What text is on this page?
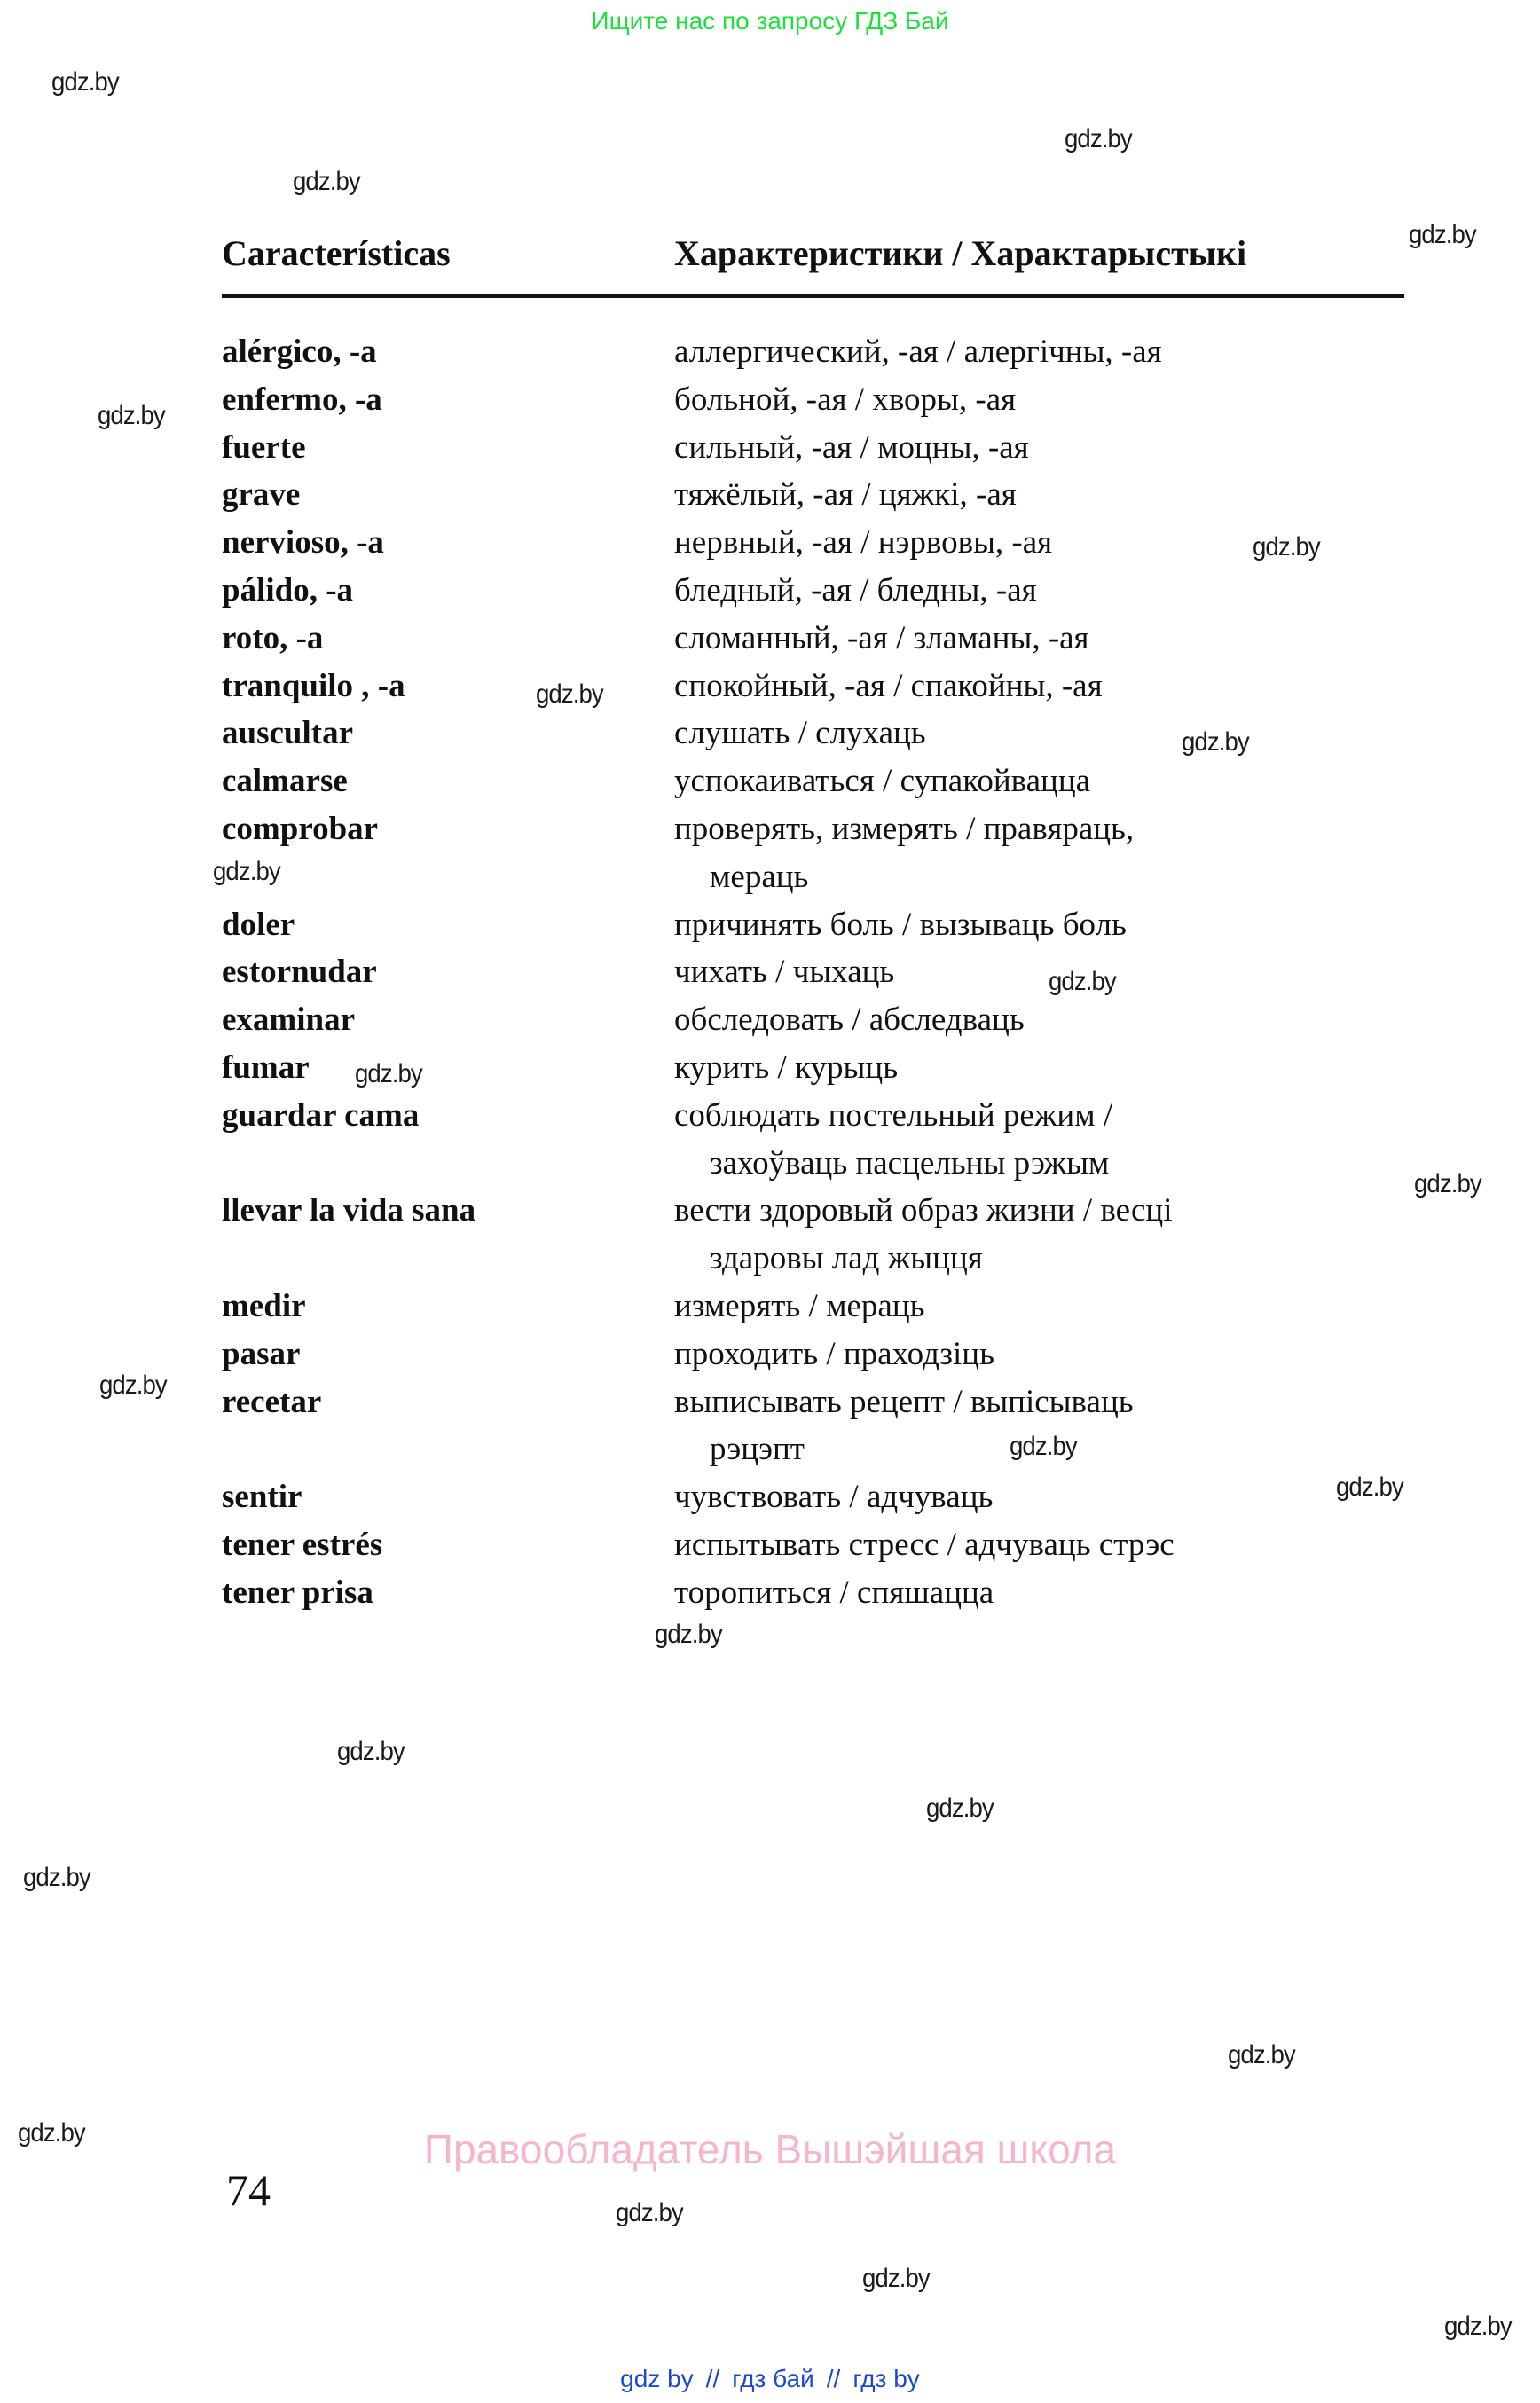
Ищите нас по запросу ГДЗ Бай
Características	Характеристики / Характарыстыкі
alérgico, -a	аллергический, -ая / алергічны, -ая
enfermo, -a	больной, -ая / хворы, -ая
fuerte	сильный, -ая / моцны, -ая
grave	тяжёлый, -ая / цяжкі, -ая
nervioso, -a	нервный, -ая / нэрвовы, -ая
pálido, -a	бледный, -ая / бледны, -ая
roto, -a	сломанный, -ая / зламаны, -ая
tranquilo , -a	спокойный, -ая / спакойны, -ая
auscultar	слушать / слухаць
calmarse	успокаиваться / супакойвацца
comprobar	проверять, измерять / правяраць,
мераць
doler	причинять боль / вызываць боль
estornudar	чихать / чыхаць
examinar	обследовать / абследваць
fumar	курить / курыць
guardar cama	соблюдать постельный режим /
захоўваць пасцельны рэжым
llevar la vida sana	вести здоровый образ жизни / весці
здаровы лад жыцця
medir	измерять / мераць
pasar	проходить / праходзіць
recetar	выписывать рецепт / выпісываць
рэцэпт
sentir	чувствовать / адчуваць
tener estrés	испытывать стресс / адчуваць стрэс
tener prisa	торопиться / спяшацца
74
Правообладатель Вышэйшая школа
gdz by // гдз бай // гдз by
gdz.by
gdz.by
gdz.by
gdz.by
gdz.by
gdz.by
gdz.by
gdz.by
gdz.by
gdz.by
gdz.by
gdz.by
gdz.by
gdz.by
gdz.by
gdz.by
gdz.by
gdz.by
gdz.by
gdz.by
gdz.by
gdz.by
gdz.by
gdz.by
